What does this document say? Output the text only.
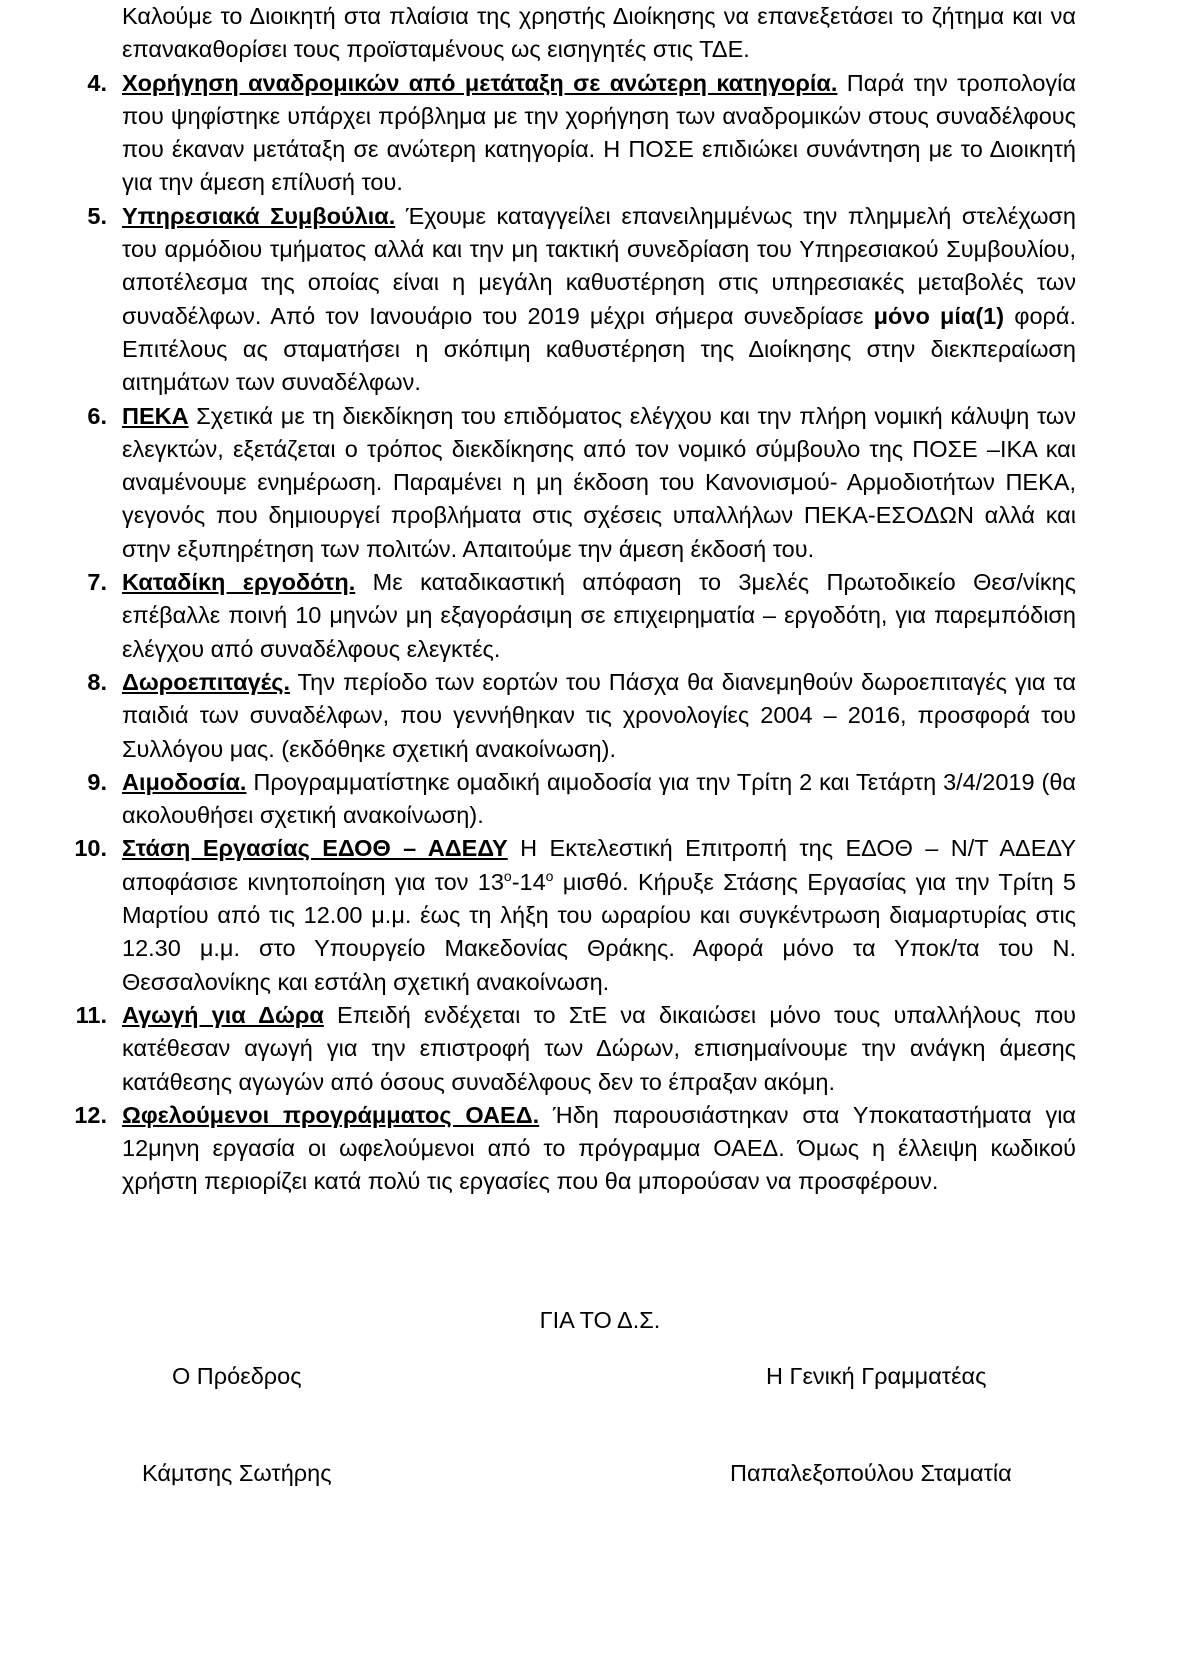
Καλούμε το Διοικητή στα πλαίσια της χρηστής Διοίκησης να επανεξετάσει το ζήτημα και να επανακαθορίσει τους προϊσταμένους ως εισηγητές στις ΤΔΕ.
4. Χορήγηση αναδρομικών από μετάταξη σε ανώτερη κατηγορία. Παρά την τροπολογία που ψηφίστηκε υπάρχει πρόβλημα με την χορήγηση των αναδρομικών στους συναδέλφους που έκαναν μετάταξη σε ανώτερη κατηγορία. Η ΠΟΣΕ επιδιώκει συνάντηση με το Διοικητή για την άμεση επίλυσή του.
5. Υπηρεσιακά Συμβούλια. Έχουμε καταγγείλει επανειλημμένως την πλημμελή στελέχωση του αρμόδιου τμήματος αλλά και την μη τακτική συνεδρίαση του Υπηρεσιακού Συμβουλίου, αποτέλεσμα της οποίας είναι η μεγάλη καθυστέρηση στις υπηρεσιακές μεταβολές των συναδέλφων. Από τον Ιανουάριο του 2019 μέχρι σήμερα συνεδρίασε μόνο μία(1) φορά. Επιτέλους ας σταματήσει η σκόπιμη καθυστέρηση της Διοίκησης στην διεκπεραίωση αιτημάτων των συναδέλφων.
6. ΠΕΚΑ Σχετικά με τη διεκδίκηση του επιδόματος ελέγχου και την πλήρη νομική κάλυψη των ελεγκτών, εξετάζεται ο τρόπος διεκδίκησης από τον νομικό σύμβουλο της ΠΟΣΕ –ΙΚΑ και αναμένουμε ενημέρωση. Παραμένει η μη έκδοση του Κανονισμού- Αρμοδιοτήτων ΠΕΚΑ, γεγονός που δημιουργεί προβλήματα στις σχέσεις υπαλλήλων ΠΕΚΑ-ΕΣΟΔΩΝ αλλά και στην εξυπηρέτηση των πολιτών. Απαιτούμε την άμεση έκδοσή του.
7. Καταδίκη εργοδότη. Με καταδικαστική απόφαση το 3μελές Πρωτοδικείο Θεσ/νίκης επέβαλλε ποινή 10 μηνών μη εξαγοράσιμη σε επιχειρηματία – εργοδότη, για παρεμπόδιση ελέγχου από συναδέλφους ελεγκτές.
8. Δωροεπιταγές. Την περίοδο των εορτών του Πάσχα θα διανεμηθούν δωροεπιταγές για τα παιδιά των συναδέλφων, που γεννήθηκαν τις χρονολογίες 2004 – 2016, προσφορά του Συλλόγου μας. (εκδόθηκε σχετική ανακοίνωση).
9. Αιμοδοσία. Προγραμματίστηκε ομαδική αιμοδοσία για την Τρίτη 2 και Τετάρτη 3/4/2019 (θα ακολουθήσει σχετική ανακοίνωση).
10. Στάση Εργασίας ΕΔΟΘ – ΑΔΕΔΥ Η Εκτελεστική Επιτροπή της ΕΔΟΘ – Ν/Τ ΑΔΕΔΥ αποφάσισε κινητοποίηση για τον $13^o-14^o$ μισθό. Κήρυξε Στάσης Εργασίας για την Τρίτη 5 Μαρτίου από τις 12.00 μ.μ. έως τη λήξη του ωραρίου και συγκέντρωση διαμαρτυρίας στις 12.30 μ.μ. στο Υπουργείο Μακεδονίας Θράκης. Αφορά μόνο τα Υποκ/τα του Ν. Θεσσαλονίκης και εστάλη σχετική ανακοίνωση.
11. Αγωγή για Δώρα Επειδή ενδέχεται το ΣτΕ να δικαιώσει μόνο τους υπαλλήλους που κατέθεσαν αγωγή για την επιστροφή των Δώρων, επισημαίνουμε την ανάγκη άμεσης κατάθεσης αγωγών από όσους συναδέλφους δεν το έπραξαν ακόμη.
12. Ωφελούμενοι προγράμματος ΟΑΕΔ. Ήδη παρουσιάστηκαν στα Υποκαταστήματα για 12μηνη εργασία οι ωφελούμενοι από το πρόγραμμα ΟΑΕΔ. Όμως η έλλειψη κωδικού χρήστη περιορίζει κατά πολύ τις εργασίες που θα μπορούσαν να προσφέρουν.
ΓΙΑ ΤΟ Δ.Σ.
Ο Πρόεδρος	Η Γενική Γραμματέας
Κάμτσης Σωτήρης	Παπαλεξοπούλου Σταματία
